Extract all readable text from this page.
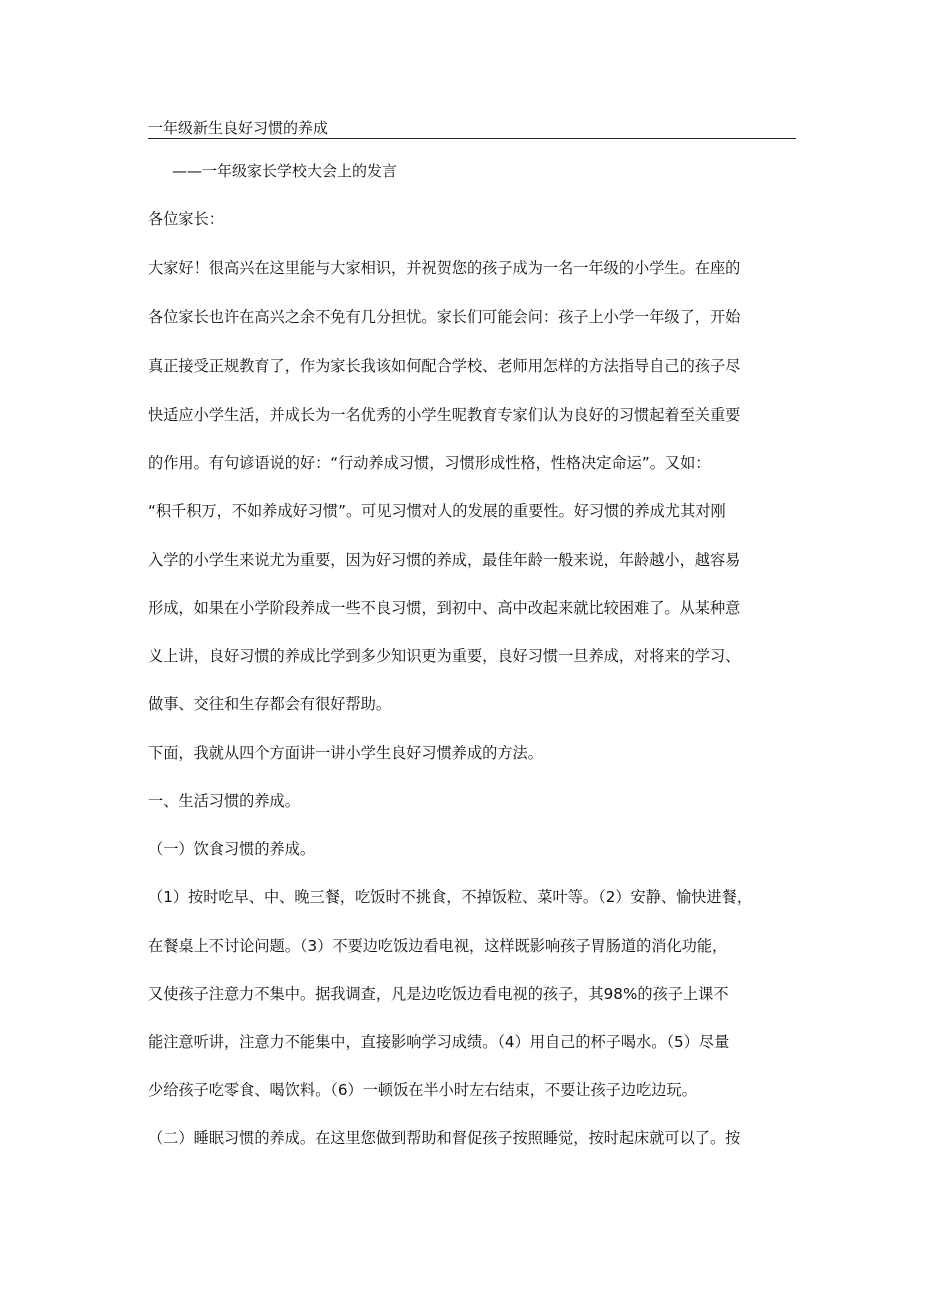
一年级新生良好习惯的养成
——一年级家长学校大会上的发言
各位家长：
大家好！很高兴在这里能与大家相识，并祝贺您的孩子成为一名一年级的小学生。在座的
各位家长也许在高兴之余不免有几分担忧。家长们可能会问：孩子上小学一年级了，开始
真正接受正规教育了，作为家长我该如何配合学校、老师用怎样的方法指导自己的孩子尽
快适应小学生活，并成长为一名优秀的小学生呢教育专家们认为良好的习惯起着至关重要
的作用。有句谚语说的好：“行动养成习惯，习惯形成性格，性格决定命运”。又如：
“积千积万，不如养成好习惯”。可见习惯对人的发展的重要性。好习惯的养成尤其对刚
入学的小学生来说尤为重要，因为好习惯的养成，最佳年龄一般来说，年龄越小，越容易
形成，如果在小学阶段养成一些不良习惯，到初中、高中改起来就比较困难了。从某种意
义上讲，良好习惯的养成比学到多少知识更为重要，良好习惯一旦养成，对将来的学习、
做事、交往和生存都会有很好帮助。
下面，我就从四个方面讲一讲小学生良好习惯养成的方法。
一、生活习惯的养成。
（一）饮食习惯的养成。
（1）按时吃早、中、晚三餐，吃饭时不挑食，不掉饭粒、菜叶等。（2）安静、愉快进餐，
在餐桌上不讨论问题。（3）不要边吃饭边看电视，这样既影响孩子胃肠道的消化功能，
又使孩子注意力不集中。据我调查，凡是边吃饭边看电视的孩子，其98%的孩子上课不
能注意听讲，注意力不能集中，直接影响学习成绩。（4）用自己的杯子喝水。（5）尽量
少给孩子吃零食、喝饮料。（6）一顿饭在半小时左右结束，不要让孩子边吃边玩。
（二）睡眠习惯的养成。在这里您做到帮助和督促孩子按照睡觉，按时起床就可以了。按
